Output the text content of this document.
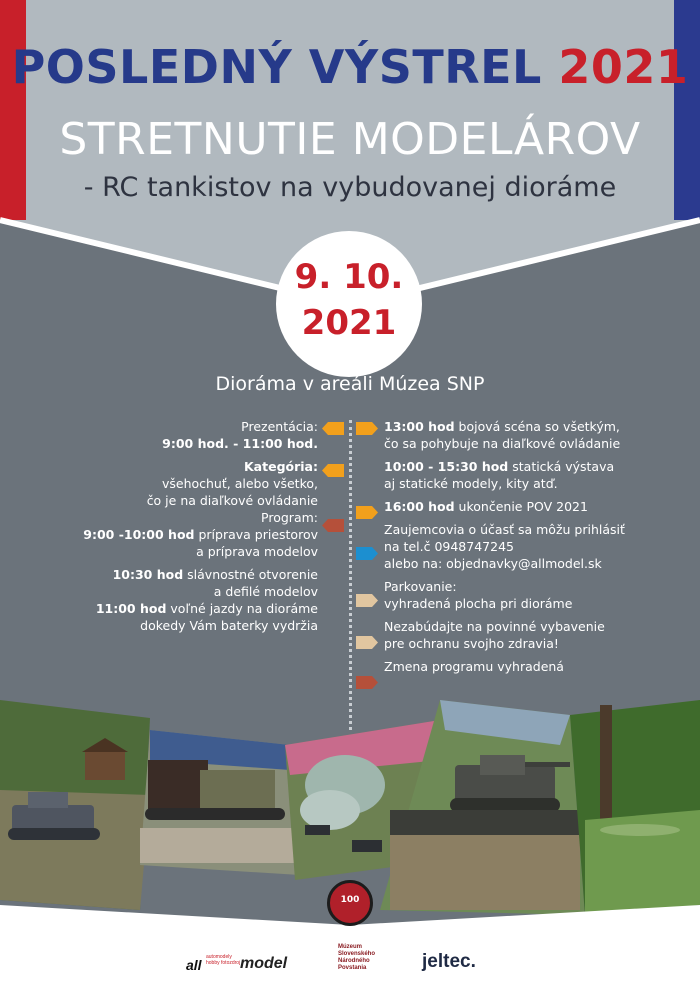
POSLEDNÝ VÝSTREL 2021
STRETNUTIE MODELÁROV
- RC tankistov na vybudovanej dioráme
9. 10.
2021
Dioráma v areáli Múzea SNP
Prezentácia:
9:00 hod. - 11:00 hod.
Kategória:
všehochuť, alebo všetko,
čo je na diaľkové ovládanie
Program:
9:00 -10:00 hod príprava priestorov
a príprava modelov
10:30 hod slávnostné otvorenie
a defilé modelov
11:00 hod voľné jazdy na dioráme
dokedy Vám baterky vydržia
13:00 hod bojová scéna so všetkým,
čo sa pohybuje na diaľkové ovládanie
10:00 - 15:30 hod statická výstava
aj statické modely, kity atď.
16:00 hod ukončenie POV 2021
Zaujemcovia o účasť sa môžu prihlásiť
na tel.č 0948747245
alebo na: objednavky@allmodel.sk
Parkovanie:
vyhradená plocha pri dioráme
Nezabúdajte na povinné vybavenie
pre ochranu svojho zdravia!
Zmena programu vyhradená
100
all automodely hobby fotozdroj model
Múzeum Slovenského Národného Povstania	jeltec.
